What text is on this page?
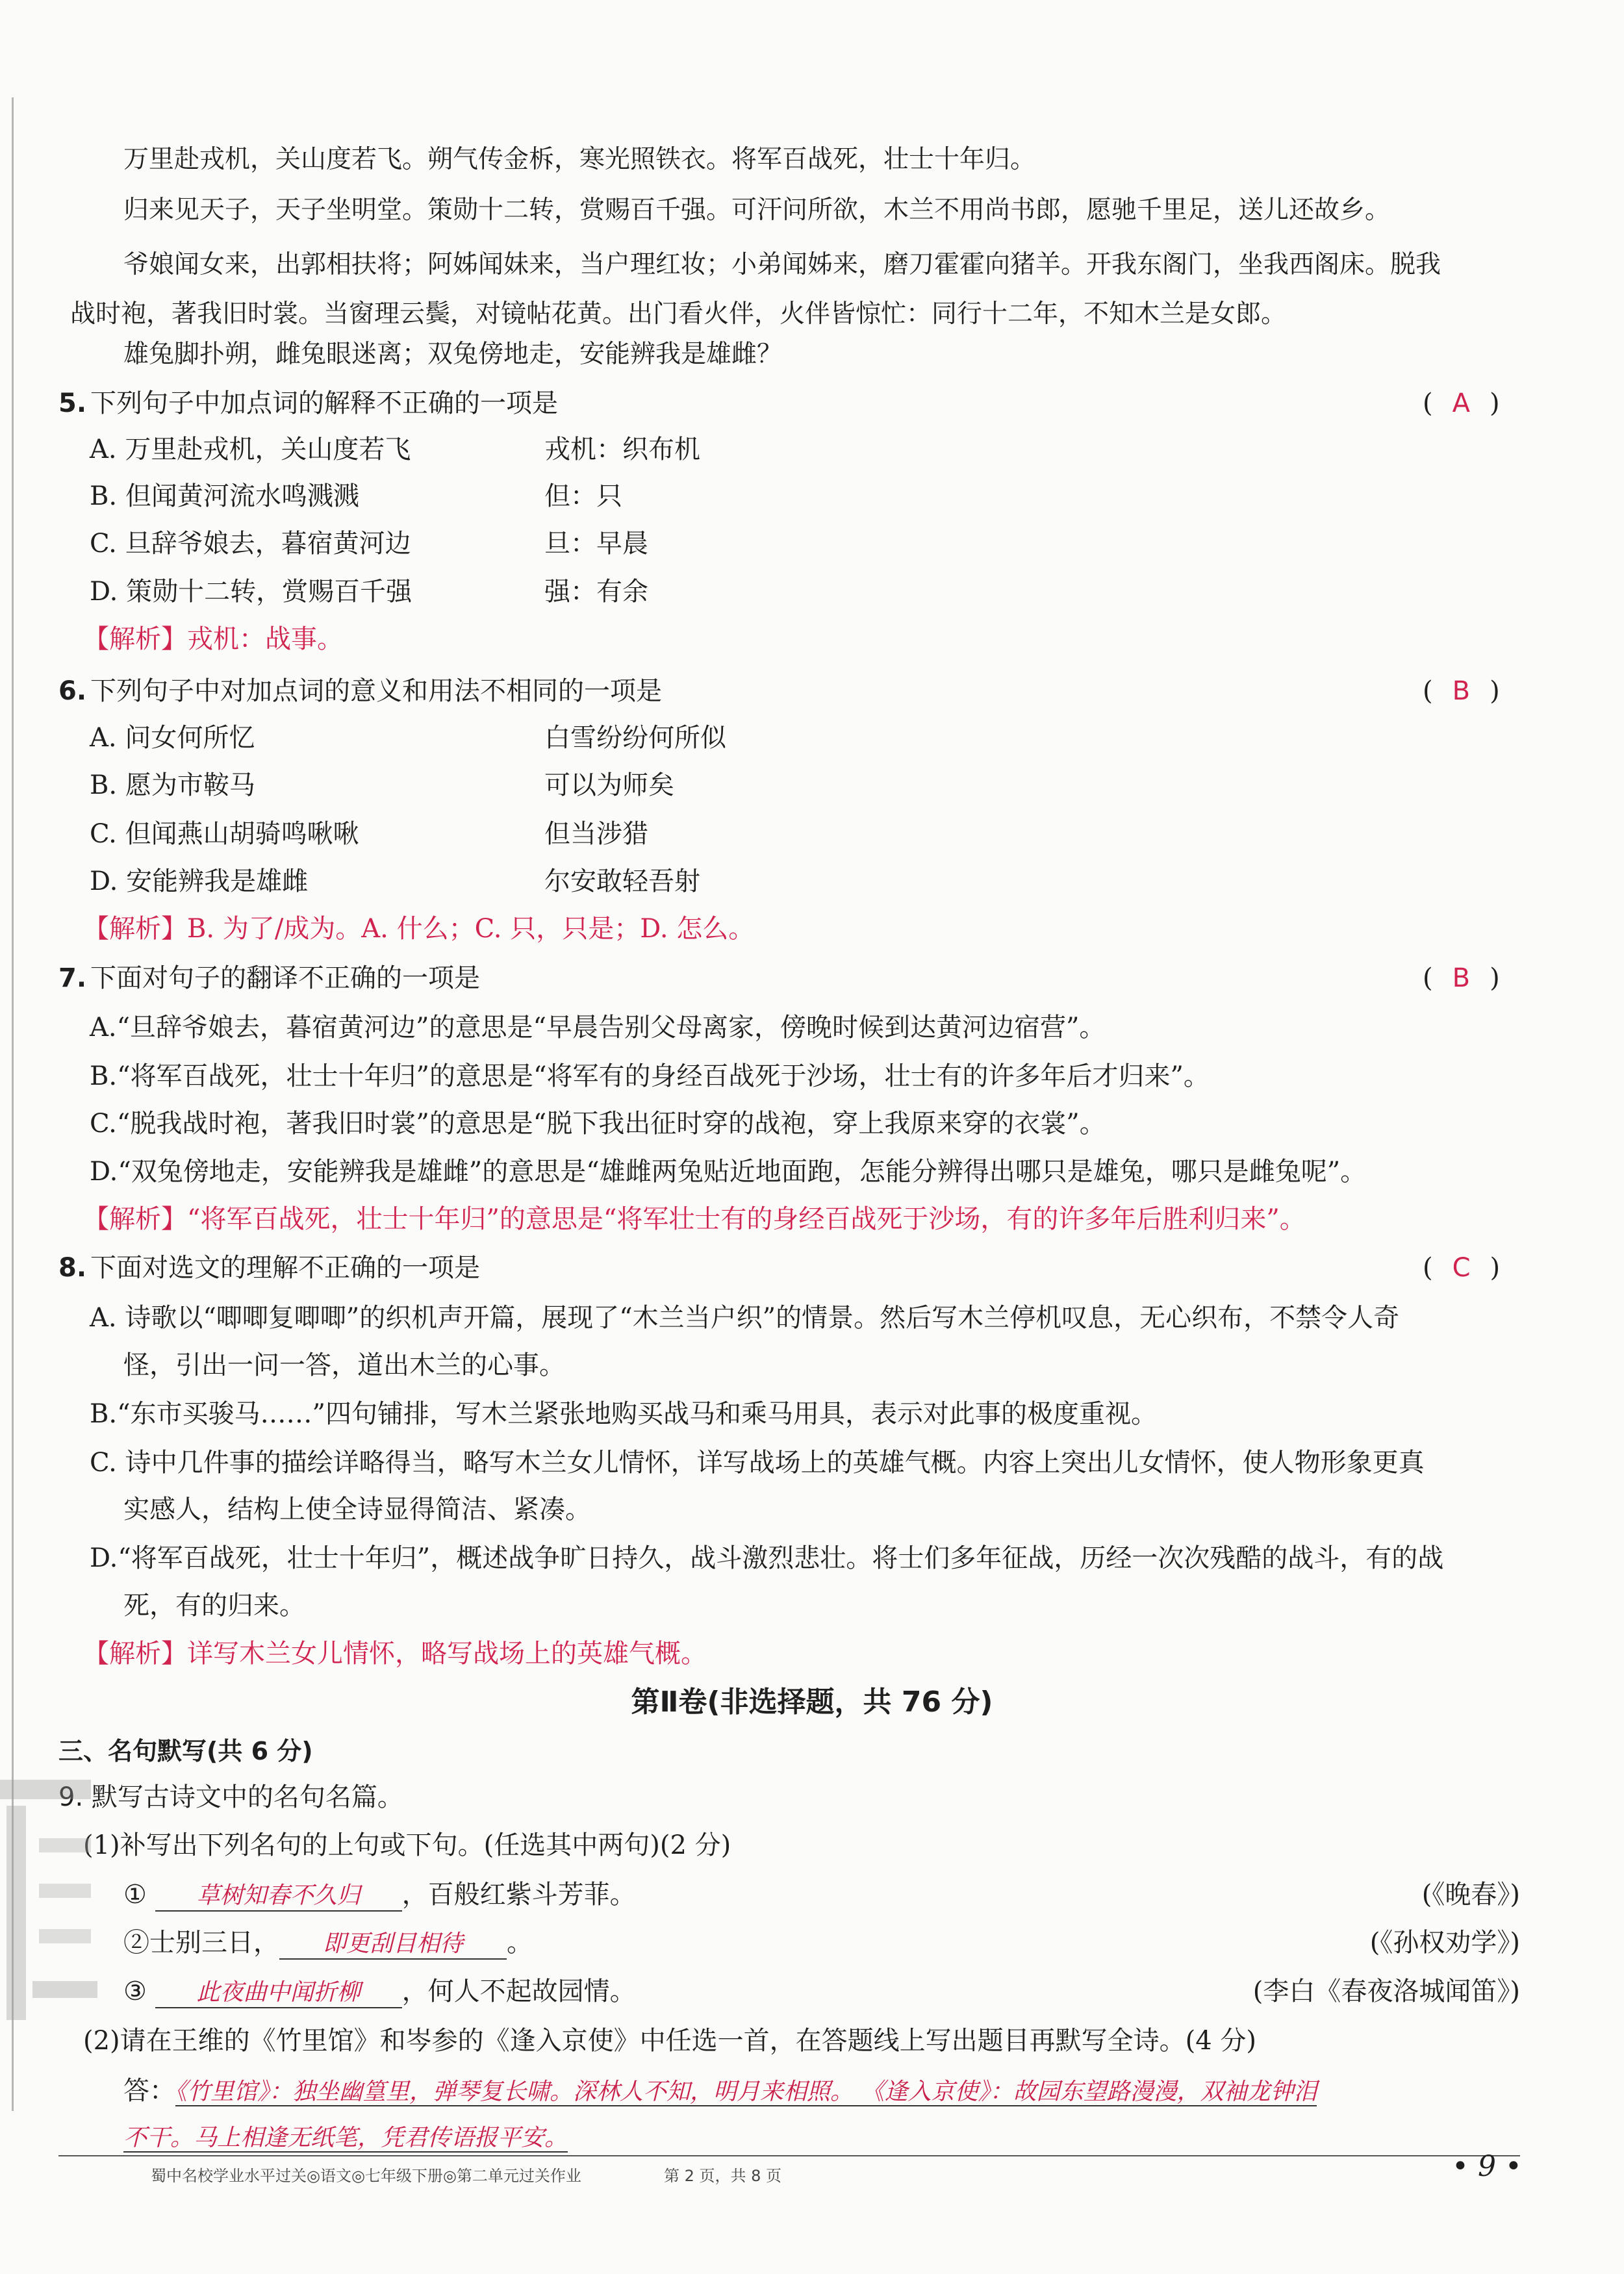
万里赴戎机，关山度若飞。朔气传金柝，寒光照铁衣。将军百战死，壮士十年归。
归来见天子，天子坐明堂。策勋十二转，赏赐百千强。可汗问所欲，木兰不用尚书郎，愿驰千里足，送儿还故乡。
爷娘闻女来，出郭相扶将；阿姊闻妹来，当户理红妆；小弟闻姊来，磨刀霍霍向猪羊。开我东阁门，坐我西阁床。脱我
战时袍，著我旧时裳。当窗理云鬓，对镜帖花黄。出门看火伴，火伴皆惊忙：同行十二年，不知木兰是女郎。
雄兔脚扑朔，雌兔眼迷离；双兔傍地走，安能辨我是雄雌？
5. 下列句子中加点词的解释不正确的一项是	( A )
A. 万里赴戎机，关山度若飞	戎机：织布机
B. 但闻黄河流水鸣溅溅	但：只
C. 旦辞爷娘去，暮宿黄河边	旦：早晨
D. 策勋十二转，赏赐百千强	强：有余
【解析】戎机：战事。
6. 下列句子中对加点词的意义和用法不相同的一项是	( B )
A. 问女何所忆	白雪纷纷何所似
B. 愿为市鞍马	可以为师矣
C. 但闻燕山胡骑鸣啾啾	但当涉猎
D. 安能辨我是雄雌	尔安敢轻吾射
【解析】B. 为了/成为。A. 什么；C. 只，只是；D. 怎么。
7. 下面对句子的翻译不正确的一项是	( B )
A.“旦辞爷娘去，暮宿黄河边”的意思是“早晨告别父母离家，傍晚时候到达黄河边宿营”。
B.“将军百战死，壮士十年归”的意思是“将军有的身经百战死于沙场，壮士有的许多年后才归来”。
C.“脱我战时袍，著我旧时裳”的意思是“脱下我出征时穿的战袍，穿上我原来穿的衣裳”。
D.“双兔傍地走，安能辨我是雄雌”的意思是“雄雌两兔贴近地面跑，怎能分辨得出哪只是雄兔，哪只是雌兔呢”。
【解析】“将军百战死，壮士十年归”的意思是“将军壮士有的身经百战死于沙场，有的许多年后胜利归来”。
8. 下面对选文的理解不正确的一项是	( C )
A. 诗歌以“唧唧复唧唧”的织机声开篇，展现了“木兰当户织”的情景。然后写木兰停机叹息，无心织布，不禁令人奇
怪，引出一问一答，道出木兰的心事。
B.“东市买骏马……”四句铺排，写木兰紧张地购买战马和乘马用具，表示对此事的极度重视。
C. 诗中几件事的描绘详略得当，略写木兰女儿情怀，详写战场上的英雄气概。内容上突出儿女情怀，使人物形象更真
实感人，结构上使全诗显得简洁、紧凑。
D.“将军百战死，壮士十年归”，概述战争旷日持久，战斗激烈悲壮。将士们多年征战，历经一次次残酷的战斗，有的战
死，有的归来。
【解析】详写木兰女儿情怀，略写战场上的英雄气概。
第Ⅱ卷(非选择题，共 76 分)
三、名句默写(共 6 分)
9. 默写古诗文中的名句名篇。
(1)补写出下列名句的上句或下句。(任选其中两句)(2 分)
① 草树知春不久归 ，百般红紫斗芳菲。	(《晚春》)
②士别三日， 即更刮目相待 。	(《孙权劝学》)
③ 此夜曲中闻折柳 ，何人不起故园情。	(李白《春夜洛城闻笛》)
(2)请在王维的《竹里馆》和岑参的《逢入京使》中任选一首，在答题线上写出题目再默写全诗。(4 分)
答：《竹里馆》：独坐幽篁里，弹琴复长啸。深林人不知，明月来相照。 《逢入京使》：故园东望路漫漫，双袖龙钟泪
不干。马上相逢无纸笔，凭君传语报平安。
蜀中名校学业水平过关◎语文◎七年级下册◎第二单元过关作业	第 2 页，共 8 页	• 9 •
